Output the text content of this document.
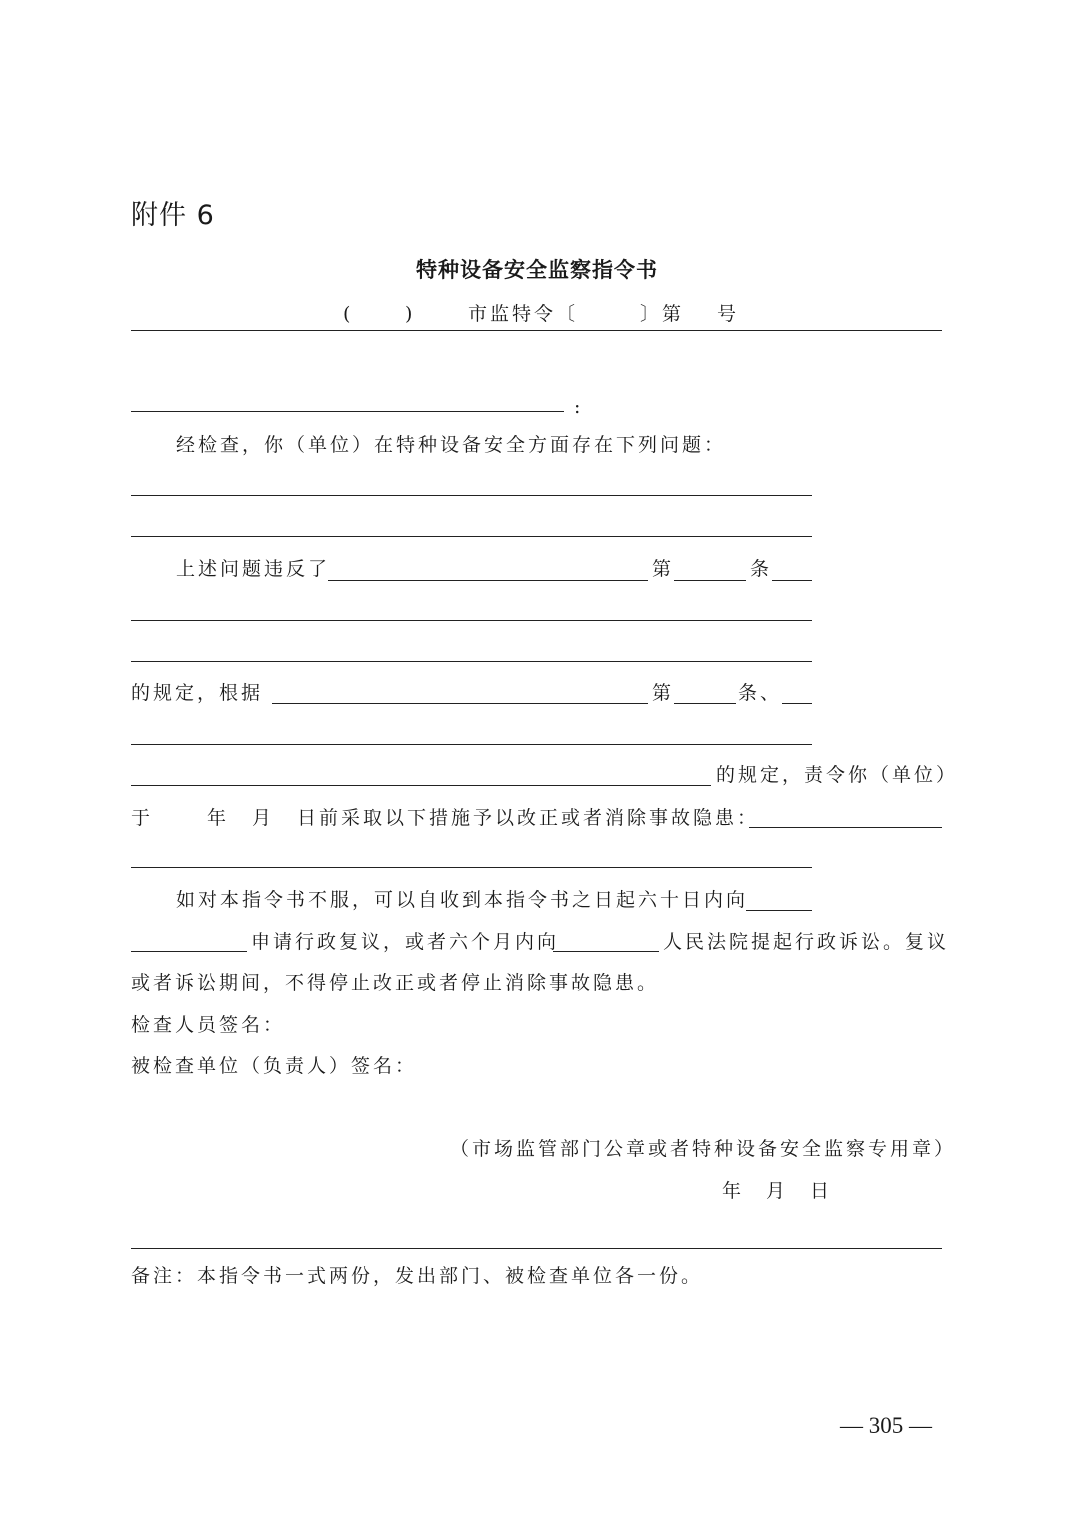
附件 6
特种设备安全监察指令书
(	)	市监特令〔	〕第 号
:
经检查，你（单位）在特种设备安全方面存在下列问题：
上述问题违反了	第	条
的规定，根据	第	条、
的规定，责令你（单位）
于	年 月 日前采取以下措施予以改正或者消除事故隐患：
如对本指令书不服，可以自收到本指令书之日起六十日内向
申请行政复议，或者六个月内向	人民法院提起行政诉讼。复议
或者诉讼期间，不得停止改正或者停止消除事故隐患。
检查人员签名：
被检查单位（负责人）签名：
（市场监管部门公章或者特种设备安全监察专用章）
年 月 日
备注：本指令书一式两份，发出部门、被检查单位各一份。
— 305 —
